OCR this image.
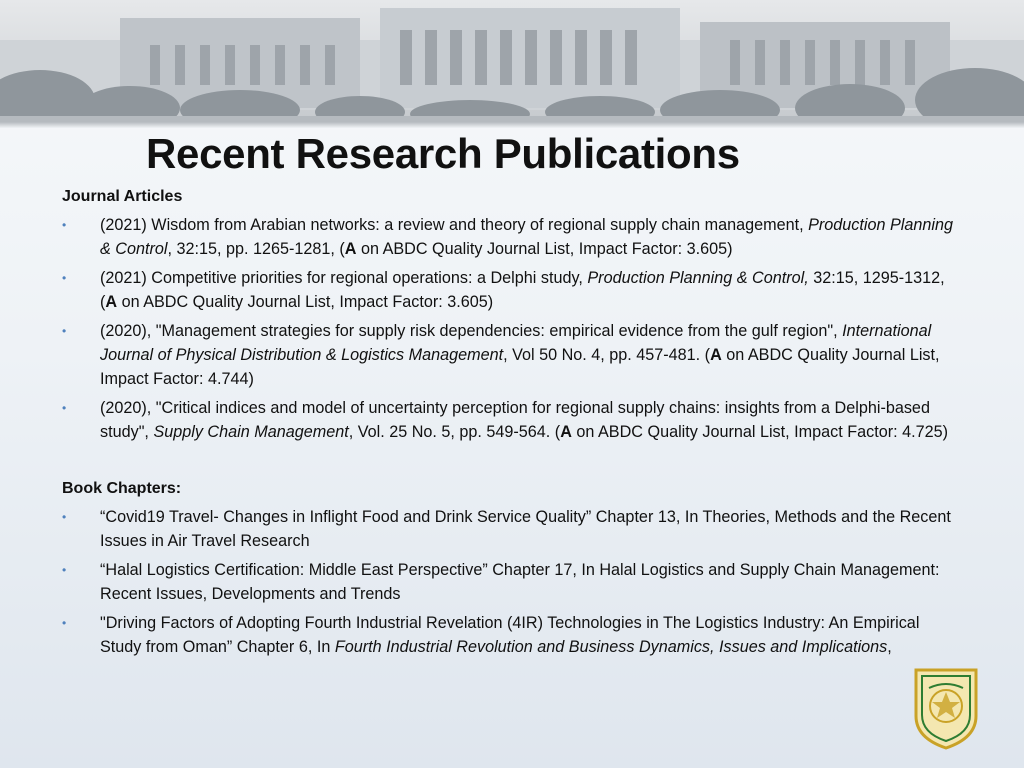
Recent Research Publications

Journal Articles

• (2021) Wisdom from Arabian networks: a review and theory of regional supply chain management, Production Planning & Control, 32:15, pp. 1265-1281, (A on ABDC Quality Journal List, Impact Factor: 3.605)
• (2021) Competitive priorities for regional operations: a Delphi study, Production Planning & Control, 32:15, 1295-1312, (A on ABDC Quality Journal List, Impact Factor: 3.605)
• (2020), "Management strategies for supply risk dependencies: empirical evidence from the gulf region", International Journal of Physical Distribution & Logistics Management, Vol 50 No. 4, pp. 457-481. (A on ABDC Quality Journal List, Impact Factor: 4.744)
• (2020), "Critical indices and model of uncertainty perception for regional supply chains: insights from a Delphi-based study", Supply Chain Management, Vol. 25 No. 5, pp. 549-564. (A on ABDC Quality Journal List, Impact Factor: 4.725)

Book Chapters:

• “Covid19 Travel- Changes in Inflight Food and Drink Service Quality” Chapter 13, In Theories, Methods and the Recent Issues in Air Travel Research
• “Halal Logistics Certification: Middle East Perspective” Chapter 17, In Halal Logistics and Supply Chain Management: Recent Issues, Developments and Trends
• "Driving Factors of Adopting Fourth Industrial Revelation (4IR) Technologies in The Logistics Industry: An Empirical Study from Oman” Chapter 6, In Fourth Industrial Revolution and Business Dynamics, Issues and Implications,
